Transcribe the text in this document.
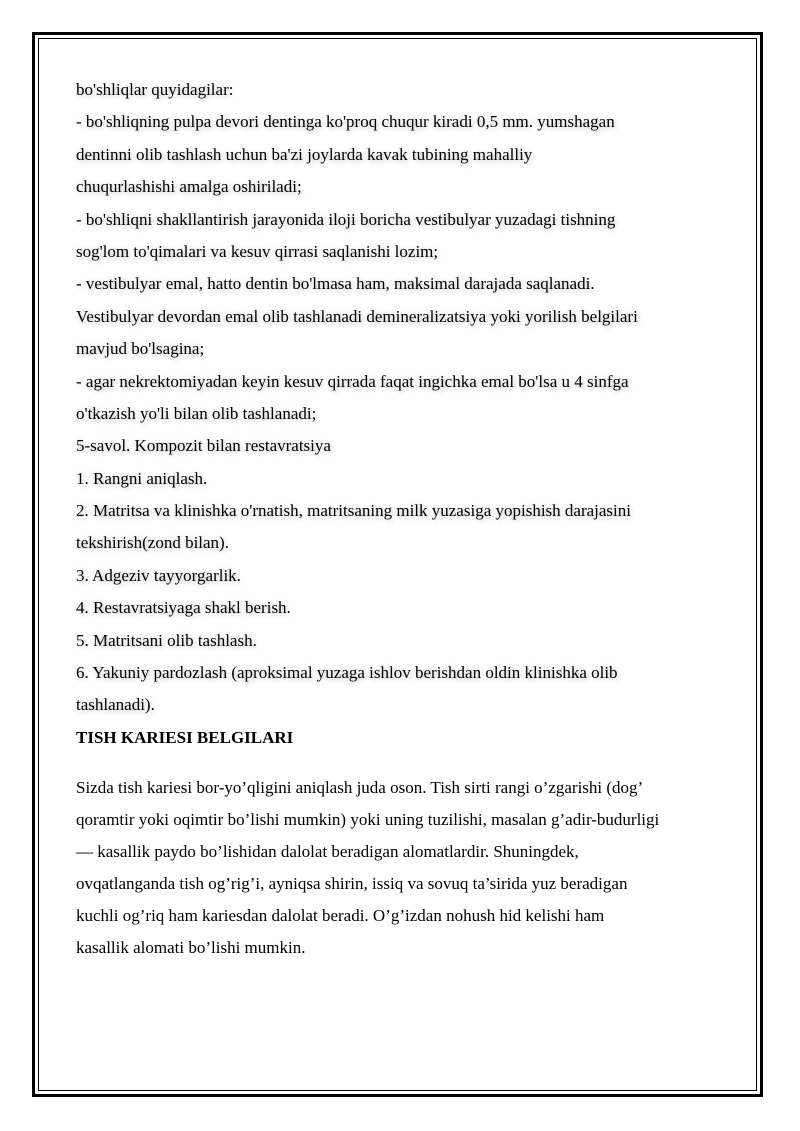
bo'shliqlar quyidagilar:
- bo'shliqning pulpa devori dentinga ko'proq chuqur kiradi 0,5 mm. yumshagan
dentinni olib tashlash uchun ba'zi joylarda kavak tubining mahalliy
chuqurlashishi amalga oshiriladi;
- bo'shliqni shakllantirish jarayonida iloji boricha vestibulyar yuzadagi tishning
sog'lom to'qimalari va kesuv qirrasi saqlanishi lozim;
- vestibulyar emal, hatto dentin bo'lmasa ham, maksimal darajada saqlanadi.
Vestibulyar devordan emal olib tashlanadi demineralizatsiya yoki yorilish belgilari
mavjud bo'lsagina;
- agar nekrektomiyadan keyin kesuv qirrada faqat ingichka emal bo'lsa u 4 sinfga
o'tkazish yo'li bilan olib tashlanadi;
5-savol. Kompozit bilan restavratsiya
1. Rangni aniqlash.
2. Matritsa va klinishka o'rnatish, matritsaning milk yuzasiga yopishish darajasini
tekshirish(zond bilan).
3. Adgeziv tayyorgarlik.
4. Restavratsiyaga shakl berish.
5. Matritsani olib tashlash.
6. Yakuniy pardozlash (aproksimal yuzaga ishlov berishdan oldin klinishka olib
tashlanadi).
TISH KARIESI BELGILARI
Sizda tish kariesi bor-yo’qligini aniqlash juda oson. Tish sirti rangi o’zgarishi (dog’
qoramtir yoki oqimtir bo’lishi mumkin) yoki uning tuzilishi, masalan g’adir-budurligi
— kasallik paydo bo’lishidan dalolat beradigan alomatlardir. Shuningdek,
ovqatlanganda tish og’rig’i, ayniqsa shirin, issiq va sovuq ta’sirida yuz beradigan
kuchli og’riq ham kariesdan dalolat beradi. O’g’izdan nohush hid kelishi ham
kasallik alomati bo’lishi mumkin.
